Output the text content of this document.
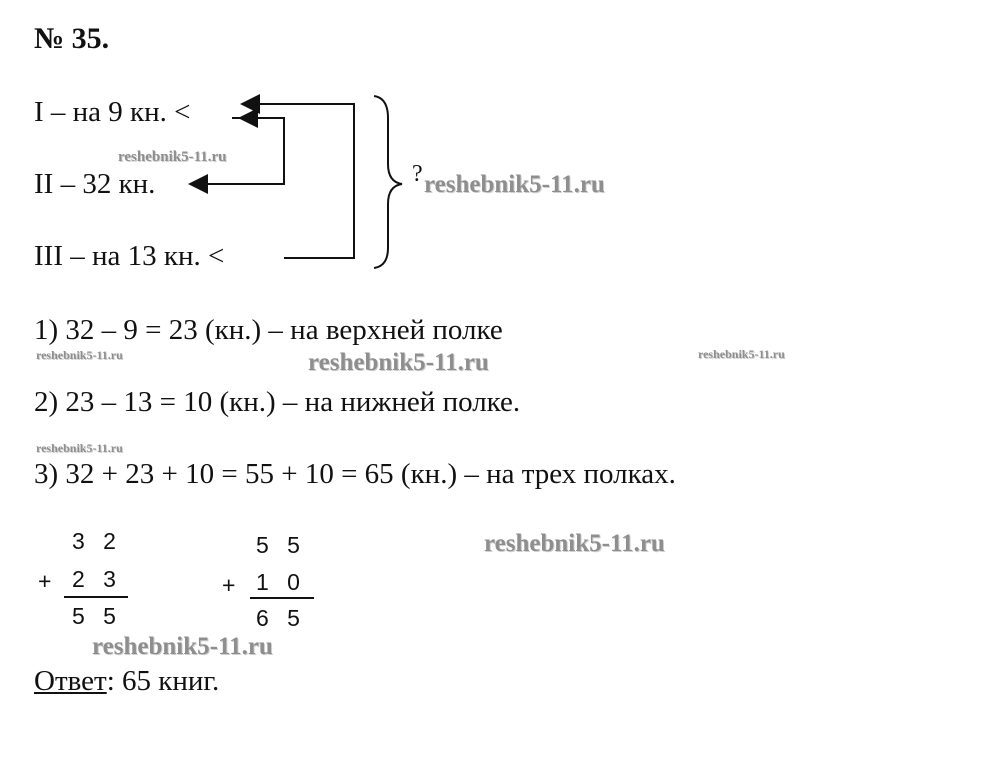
№ 35.
I – на 9 кн. <
II – 32 кн.
III – на 13 кн. <
?
1) 32 – 9 = 23 (кн.) – на верхней полке
2) 23 – 13 = 10 (кн.) – на нижней полке.
3) 32 + 23 + 10 = 55 + 10 = 65 (кн.) – на трех полках.
3 2
+ 2 3
5 5
5 5
+ 1 0
6 5
Ответ: 65 книг.
reshebnik5-11.ru
reshebnik5-11.ru
reshebnik5-11.ru	reshebnik5-11.ru	reshebnik5-11.ru
reshebnik5-11.ru
reshebnik5-11.ru
reshebnik5-11.ru
